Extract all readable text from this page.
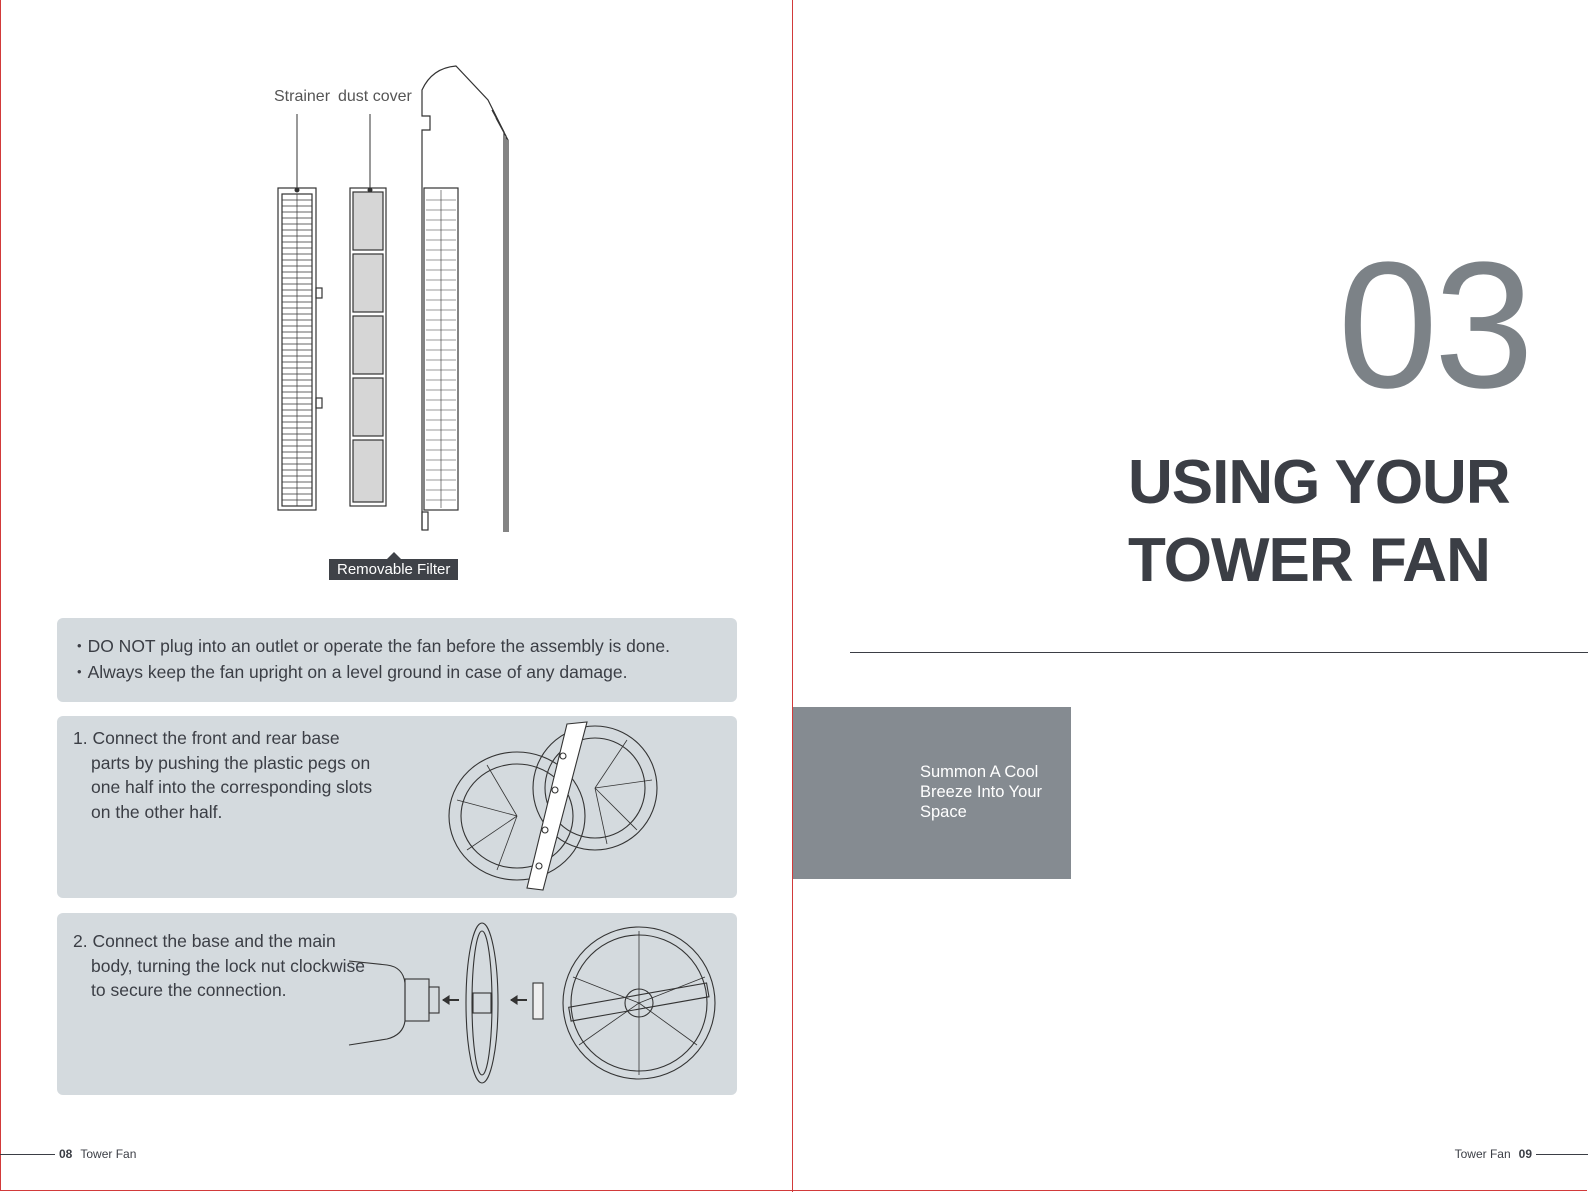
Strainer dust cover
Removable Filter
• DO NOT plug into an outlet or operate the fan before the assembly is done.
• Always keep the fan upright on a level ground in case of any damage.
1. Connect the front and rear base parts by pushing the plastic pegs on one half into the corresponding slots on the other half.
2. Connect the base and the main body, turning the lock nut clockwise to secure the connection.
08 Tower Fan
03
USING YOUR
TOWER FAN
Summon A Cool Breeze Into Your Space
Tower Fan 09
